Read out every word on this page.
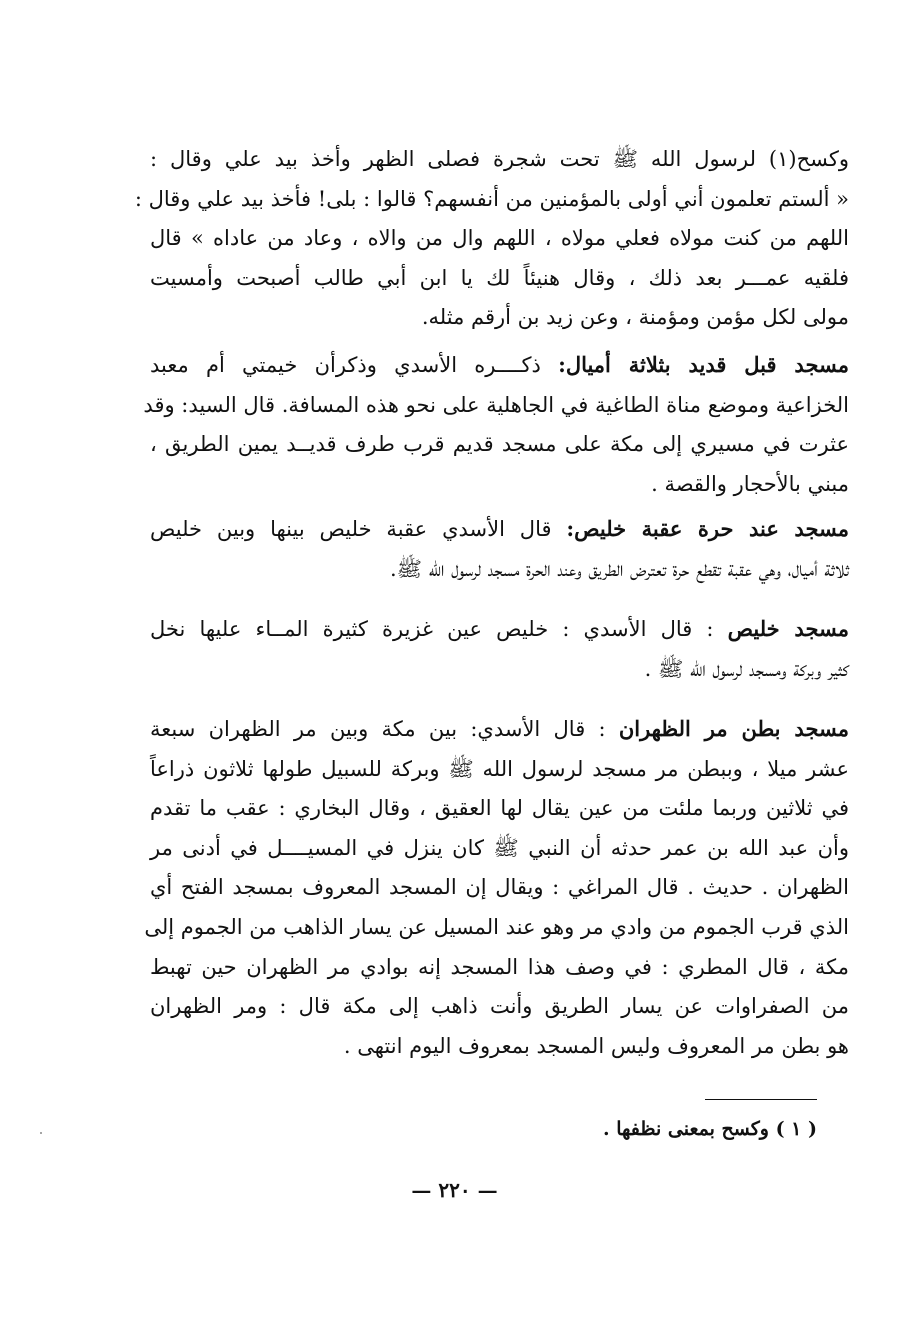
وكسح(١) لرسول الله ﷺ تحت شجرة فصلى الظهر وأخذ بيد علي وقال :
« ألستم تعلمون أني أولى بالمؤمنين من أنفسهم؟ قالوا : بلى! فأخذ بيد علي وقال :
اللهم من كنت مولاه فعلي مولاه ، اللهم وال من والاه ، وعاد من عاداه » قال
فلقيه عمـــر بعد ذلك ، وقال هنيئاً لك يا ابن أبي طالب أصبحت وأمسيت
مولى لكل مؤمن ومؤمنة ، وعن زيد بن أرقم مثله.
مسجد قبل قديد بثلاثة أميال: ذكــــره الأسدي وذكرأن خيمتي أم معبد
الخزاعية وموضع مناة الطاغية في الجاهلية على نحو هذه المسافة. قال السيد: وقد
عثرت في مسيري إلى مكة على مسجد قديم قرب طرف قديــد يمين الطريق ،
مبني بالأحجار والقصة .
مسجد عند حرة عقبة خليص: قال الأسدي عقبة خليص بينها وبين خليص
ثلاثة أميال، وهي عقبة تقطع حرة تعترض الطريق وعند الحرة مسجد لرسول الله ﷺ.
مسجد خليص : قال الأسدي : خليص عين غزيرة كثيرة المــاء عليها نخل
كثير وبركة ومسجد لرسول الله ﷺ .
مسجد بطن مر الظهران : قال الأسدي: بين مكة وبين مر الظهران سبعة
عشر ميلا ، وببطن مر مسجد لرسول الله ﷺ وبركة للسبيل طولها ثلاثون ذراعاً
في ثلاثين وربما ملئت من عين يقال لها العقيق ، وقال البخاري : عقب ما تقدم
وأن عبد الله بن عمر حدثه أن النبي ﷺ كان ينزل في المسيــــل في أدنى مر
الظهران . حديث . قال المراغي : ويقال إن المسجد المعروف بمسجد الفتح أي
الذي قرب الجموم من وادي مر وهو عند المسيل عن يسار الذاهب من الجموم إلى
مكة ، قال المطري : في وصف هذا المسجد إنه بوادي مر الظهران حين تهبط
من الصفراوات عن يسار الطريق وأنت ذاهب إلى مكة قال : ومر الظهران
هو بطن مر المعروف وليس المسجد بمعروف اليوم انتهى .
( ١ ) وكسح بمعنى نظفها .
— ٢٢٠ —
